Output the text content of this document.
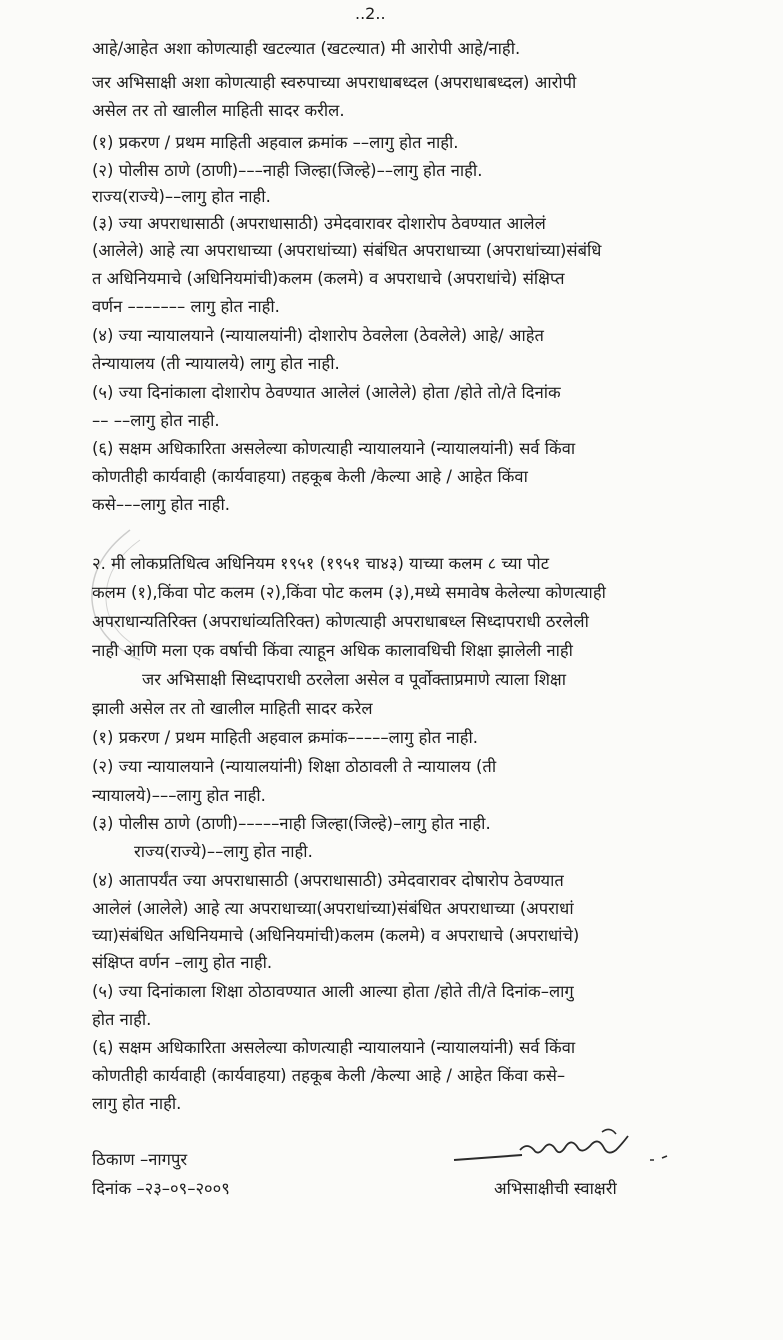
..2..
आहे/आहेत अशा कोणत्याही खटल्यात (खटल्यात) मी आरोपी आहे/नाही.
जर अभिसाक्षी अशा कोणत्याही स्वरुपाच्या अपराधाबध्दल (अपराधाबध्दल) आरोपी
असेल तर तो खालील माहिती सादर करील.
(१) प्रकरण / प्रथम माहिती अहवाल क्रमांक ––लागु होत नाही.
(२) पोलीस ठाणे (ठाणी)–––नाही जिल्हा(जिल्हे)––लागु होत नाही.
राज्य(राज्ये)––लागु होत नाही.
(३) ज्या अपराधासाठी (अपराधासाठी) उमेदवारावर दोशारोप ठेवण्यात आलेलं
(आलेले) आहे त्या अपराधाच्या (अपराधांच्या) संबंधित अपराधाच्या (अपराधांच्या)संबंधि
त अधिनियमाचे (अधिनियमांची)कलम (कलमे) व अपराधाचे (अपराधांचे) संक्षिप्त
वर्णन ––––––– लागु होत नाही.
(४) ज्या न्यायालयाने (न्यायालयांनी) दोशारोप ठेवलेला (ठेवलेले) आहे/ आहेत
तेन्यायालय (ती न्यायालये) लागु होत नाही.
(५) ज्या दिनांकाला दोशारोप ठेवण्यात आलेलं (आलेले) होता /होते तो/ते दिनांक
–– ––लागु होत नाही.
(६) सक्षम अधिकारिता असलेल्या कोणत्याही न्यायालयाने (न्यायालयांनी) सर्व किंवा
कोणतीही कार्यवाही (कार्यवाहया) तहकूब केली /केल्या आहे / आहेत किंवा
कसे–––लागु होत नाही.
२. मी लोकप्रतिधित्व अधिनियम १९५१ (१९५१ चा४३) याच्या कलम ८ च्या पोट
कलम (१),किंवा पोट कलम (२),किंवा पोट कलम (३),मध्ये समावेष केलेल्या कोणत्याही
अपराधान्यतिरिक्त (अपराधांव्यतिरिक्त) कोणत्याही अपराधाबध्ल सिध्दापराधी ठरलेली
नाही आणि मला एक वर्षाची किंवा त्याहून अधिक कालावधिची शिक्षा झालेली नाही
जर अभिसाक्षी सिध्दापराधी ठरलेला असेल व पूर्वोक्ताप्रमाणे त्याला शिक्षा
झाली असेल तर तो खालील माहिती सादर करेल
(१) प्रकरण / प्रथम माहिती अहवाल क्रमांक–––––लागु होत नाही.
(२) ज्या न्यायालयाने (न्यायालयांनी) शिक्षा ठोठावली ते न्यायालय (ती
न्यायालये)–––लागु होत नाही.
(३) पोलीस ठाणे (ठाणी)–––––नाही जिल्हा(जिल्हे)–लागु होत नाही.
राज्य(राज्ये)––लागु होत नाही.
(४) आतापर्यंत ज्या अपराधासाठी (अपराधासाठी) उमेदवारावर दोषारोप ठेवण्यात
आलेलं (आलेले) आहे त्या अपराधाच्या(अपराधांच्या)संबंधित अपराधाच्या (अपराधां
च्या)संबंधित अधिनियमाचे (अधिनियमांची)कलम (कलमे) व अपराधाचे (अपराधांचे)
संक्षिप्त वर्णन –लागु होत नाही.
(५) ज्या दिनांकाला शिक्षा ठोठावण्यात आली आल्या होता /होते ती/ते दिनांक–लागु
होत नाही.
(६) सक्षम अधिकारिता असलेल्या कोणत्याही न्यायालयाने (न्यायालयांनी) सर्व किंवा
कोणतीही कार्यवाही (कार्यवाहया) तहकूब केली /केल्या आहे / आहेत किंवा कसे–
लागु होत नाही.
ठिकाण –नागपुर
दिनांक –२३–०९–२००९	अभिसाक्षीची स्वाक्षरी
